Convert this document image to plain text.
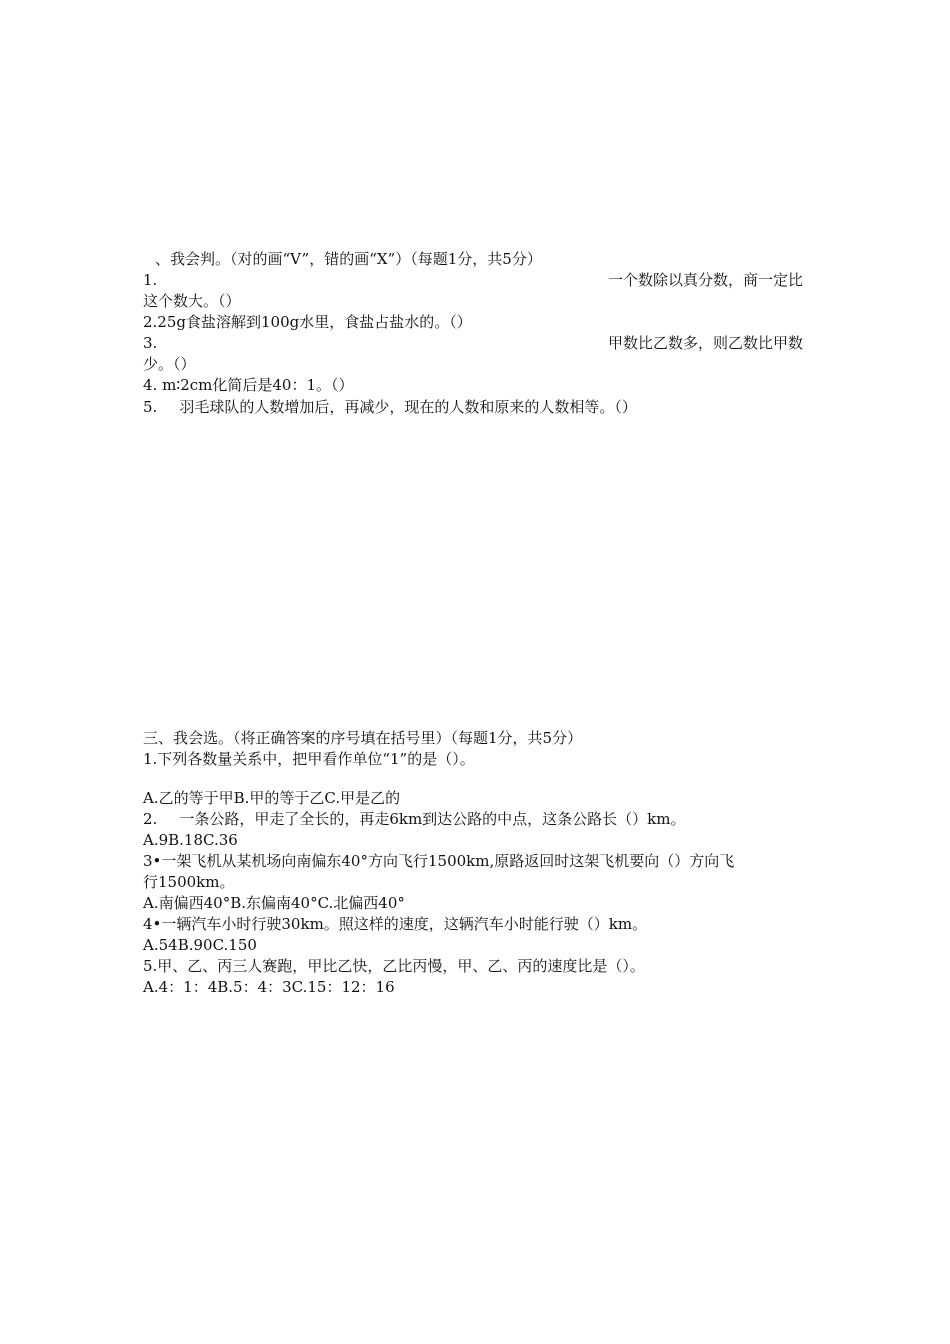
、我会判。（对的画“V”，错的画“X”）（每题1分，共5分）
1.	一个数除以真分数，商一定比
这个数大。（）
2.25g食盐溶解到100g水里，食盐占盐水的。（）
3.	甲数比乙数多，则乙数比甲数
少。（）
4. m∶2cm化简后是40：1。（）
5. 羽毛球队的人数增加后，再减少，现在的人数和原来的人数相等。（）
三、我会选。（将正确答案的序号填在括号里）（每题1分，共5分）
1.下列各数量关系中，把甲看作单位“1”的是（）。
A.乙的等于甲B.甲的等于乙C.甲是乙的
2. 一条公路，甲走了全长的，再走6km到达公路的中点，这条公路长（）km。
A.9B.18C.36
3•一架飞机从某机场向南偏东40°方向飞行1500km,原路返回时这架飞机要向（）方向飞
行1500km。
A.南偏西40°B.东偏南40°C.北偏西40°
4•一辆汽车小时行驶30km。照这样的速度，这辆汽车小时能行驶（）km。
A.54B.90C.150
5.甲、乙、丙三人赛跑，甲比乙快，乙比丙慢，甲、乙、丙的速度比是（）。
A.4：1：4B.5：4：3C.15：12：16
